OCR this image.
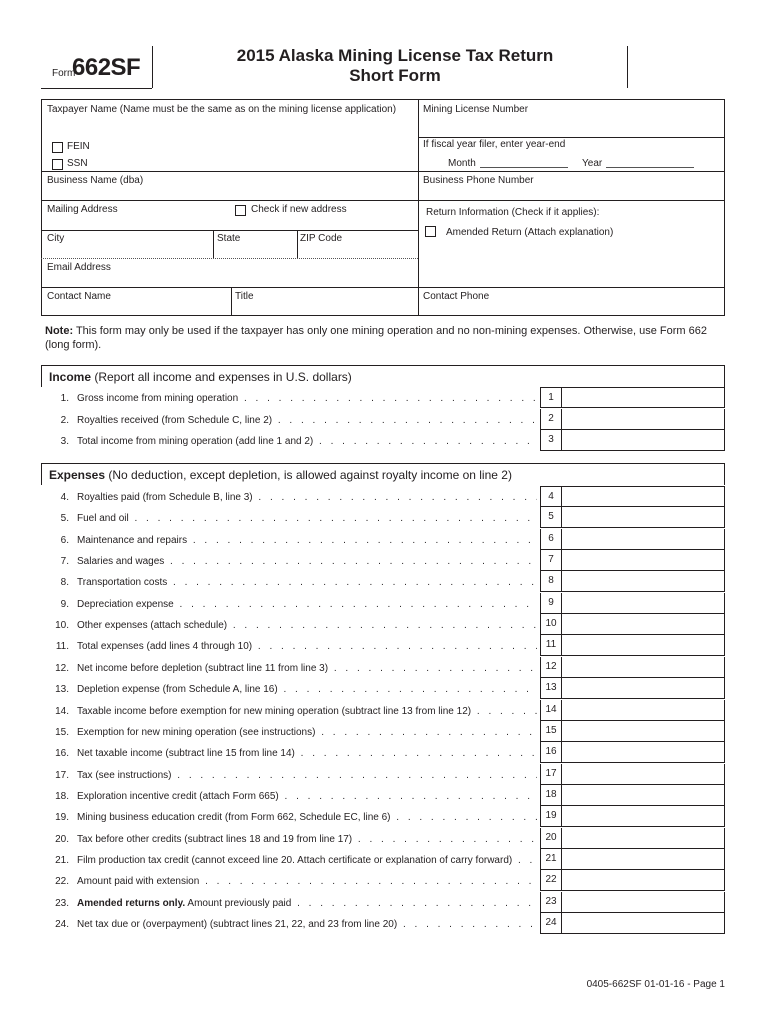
Form
662SF	2015 Alaska Mining License Tax Return
Short Form
Taxpayer Name (Name must be the same as on the mining license application)	Mining License Number
FEIN
SSN
If fiscal year filer, enter year-end
Month	Year
Business Name (dba)	Business Phone Number
Mailing Address	Check if new address	Return Information (Check if it applies):
Amended Return (Attach explanation)
City	State	ZIP Code
Email Address
Contact Name	Title	Contact Phone
Note: This form may only be used if the taxpayer has only one mining operation and no non-mining expenses. Otherwise, use Form 662 (long form).
Income (Report all income and expenses in U.S. dollars)
1. Gross income from mining operation . . .	1
2. Royalties received (from Schedule C, line 2) . . .	2
3. Total income from mining operation (add line 1 and 2) . . .	3
Expenses (No deduction, except depletion, is allowed against royalty income on line 2)
4. Royalties paid (from Schedule B, line 3) . . .	4
5. Fuel and oil . . .	5
6. Maintenance and repairs . . .	6
7. Salaries and wages . . .	7
8. Transportation costs . . .	8
9. Depreciation expense . . .	9
10. Other expenses (attach schedule) . . .	10
11. Total expenses (add lines 4 through 10) . . .	11
12. Net income before depletion (subtract line 11 from line 3) . . .	12
13. Depletion expense (from Schedule A, line 16) . . .	13
14. Taxable income before exemption for new mining operation (subtract line 13 from line 12) . . .	14
15. Exemption for new mining operation (see instructions) . . .	15
16. Net taxable income (subtract line 15 from line 14) . . .	16
17. Tax (see instructions) . . .	17
18. Exploration incentive credit (attach Form 665) . . .	18
19. Mining business education credit (from Form 662, Schedule EC, line 6) . . .	19
20. Tax before other credits (subtract lines 18 and 19 from line 17) . . .	20
21. Film production tax credit (cannot exceed line 20. Attach certificate or explanation of carry forward) . . .	21
22. Amount paid with extension . . .	22
23. Amended returns only. Amount previously paid . . .	23
24. Net tax due or (overpayment) (subtract lines 21, 22, and 23 from line 20) . . .	24
0405-662SF 01-01-16 - Page 1
